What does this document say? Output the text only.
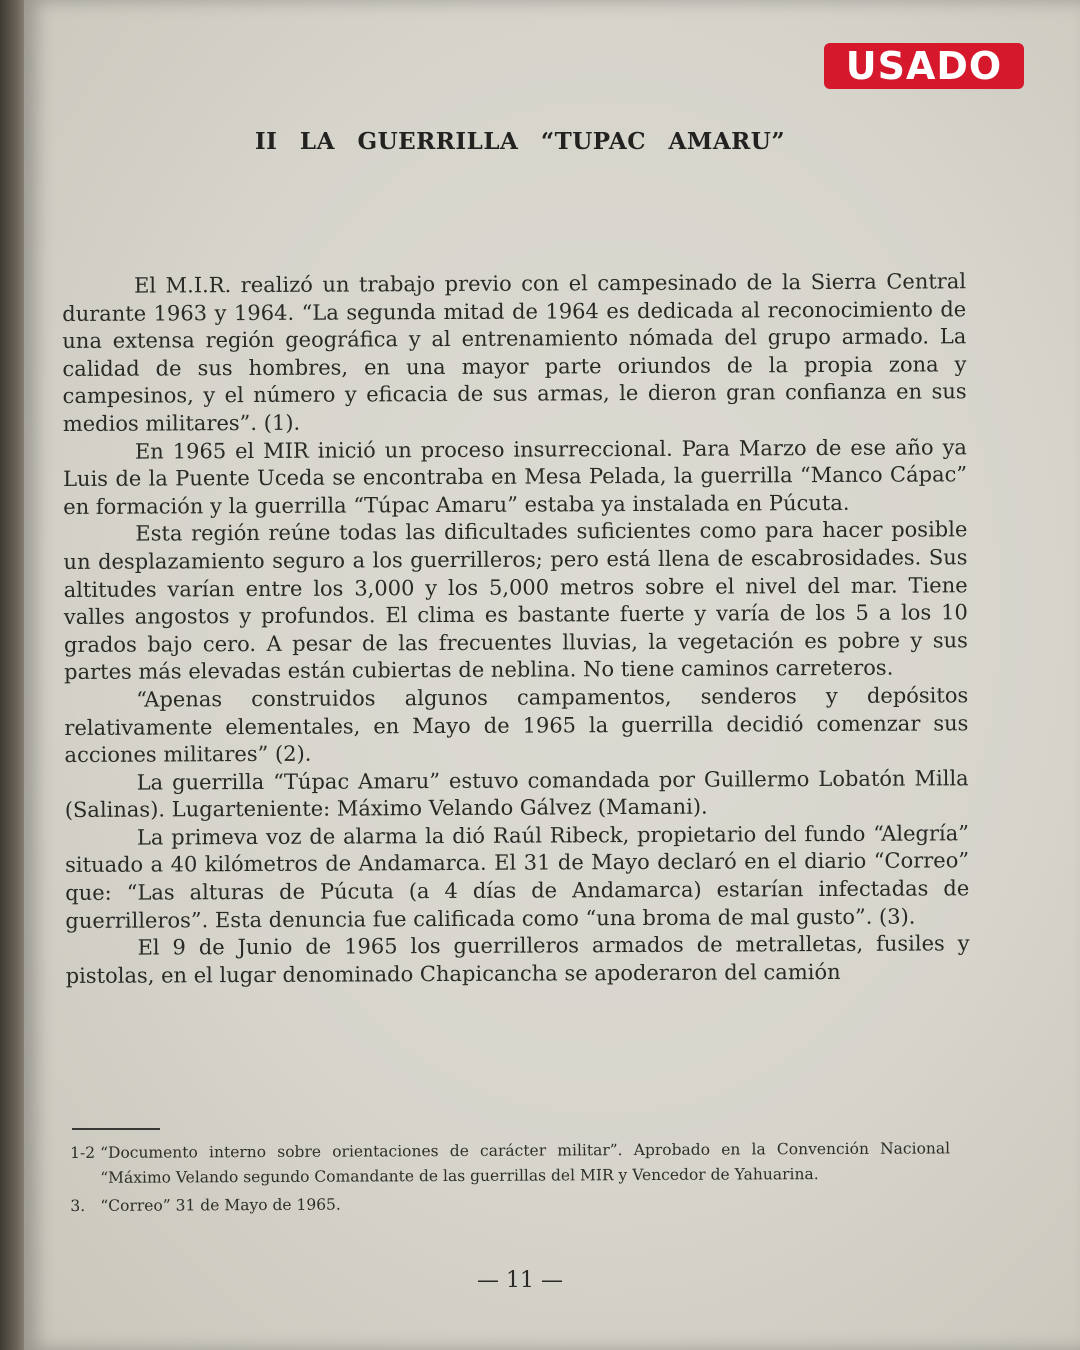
USADO
II LA GUERRILLA “TUPAC AMARU”

El M.I.R. realizó un trabajo previo con el campesinado de la Sierra Central durante 1963 y 1964. “La segunda mitad de 1964 es dedicada al reconocimiento de una extensa región geográfica y al entrenamiento nómada del grupo armado. La calidad de sus hombres, en una mayor parte oriundos de la propia zona y campesinos, y el número y eficacia de sus armas, le dieron gran confianza en sus medios militares”. (1).

En 1965 el MIR inició un proceso insurreccional. Para Marzo de ese año ya Luis de la Puente Uceda se encontraba en Mesa Pelada, la guerrilla “Manco Cápac” en formación y la guerrilla “Túpac Amaru” estaba ya instalada en Púcuta.

Esta región reúne todas las dificultades suficientes como para hacer posible un desplazamiento seguro a los guerrilleros; pero está llena de escabrosidades. Sus altitudes varían entre los 3,000 y los 5,000 metros sobre el nivel del mar. Tiene valles angostos y profundos. El clima es bastante fuerte y varía de los 5 a los 10 grados bajo cero. A pesar de las frecuentes lluvias, la vegetación es pobre y sus partes más elevadas están cubiertas de neblina. No tiene caminos carreteros.

“Apenas construidos algunos campamentos, senderos y depósitos relativamente elementales, en Mayo de 1965 la guerrilla decidió comenzar sus acciones militares” (2).

La guerrilla “Túpac Amaru” estuvo comandada por Guillermo Lobatón Milla (Salinas). Lugarteniente: Máximo Velando Gálvez (Mamani).

La primeva voz de alarma la dió Raúl Ribeck, propietario del fundo “Alegría” situado a 40 kilómetros de Andamarca. El 31 de Mayo declaró en el diario “Correo” que: “Las alturas de Púcuta (a 4 días de Andamarca) estarían infectadas de guerrilleros”. Esta denuncia fue calificada como “una broma de mal gusto”. (3).

El 9 de Junio de 1965 los guerrilleros armados de metralletas, fusiles y pistolas, en el lugar denominado Chapicancha se apoderaron del camión

1-2 “Documento interno sobre orientaciones de carácter militar”. Aprobado en la Convención Nacional “Máximo Velando segundo Comandante de las guerrillas del MIR y Vencedor de Yahuarina.
3. “Correo” 31 de Mayo de 1965.
— 11 —
